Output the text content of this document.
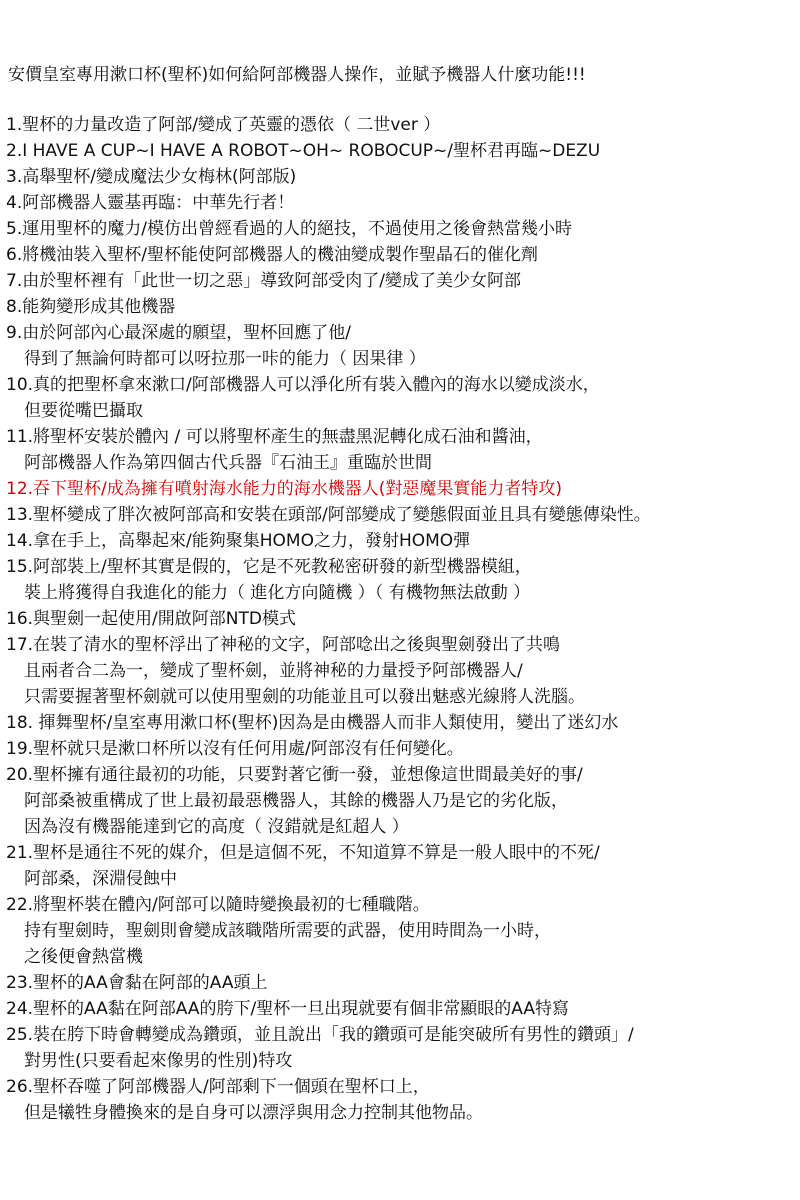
安價皇室專用漱口杯(聖杯)如何給阿部機器人操作，並賦予機器人什麼功能!!!
1.聖杯的力量改造了阿部/變成了英靈的憑依（ 二世ver ）
2.I HAVE A CUP~I HAVE A ROBOT~OH~ ROBOCUP~/聖杯君再臨~DEZU
3.高舉聖杯/變成魔法少女梅林(阿部版)
4.阿部機器人靈基再臨：中華先行者！
5.運用聖杯的魔力/模仿出曾經看過的人的絕技，不過使用之後會熱當幾小時
6.將機油裝入聖杯/聖杯能使阿部機器人的機油變成製作聖晶石的催化劑
7.由於聖杯裡有「此世一切之惡」導致阿部受肉了/變成了美少女阿部
8.能夠變形成其他機器
9.由於阿部內心最深處的願望，聖杯回應了他/
得到了無論何時都可以呀拉那一咔的能力（ 因果律 ）
10.真的把聖杯拿來漱口/阿部機器人可以淨化所有裝入體內的海水以變成淡水，
但要從嘴巴攝取
11.將聖杯安裝於體內 / 可以將聖杯產生的無盡黑泥轉化成石油和醬油，
阿部機器人作為第四個古代兵器『石油王』重臨於世間
12.吞下聖杯/成為擁有噴射海水能力的海水機器人(對惡魔果實能力者特攻)
13.聖杯變成了胖次被阿部高和安裝在頭部/阿部變成了變態假面並且具有變態傳染性。
14.拿在手上，高舉起來/能夠聚集HOMO之力，發射HOMO彈
15.阿部裝上/聖杯其實是假的，它是不死教秘密研發的新型機器模組，
裝上將獲得自我進化的能力（ 進化方向隨機 ）（ 有機物無法啟動 ）
16.與聖劍一起使用/開啟阿部NTD模式
17.在裝了清水的聖杯浮出了神秘的文字，阿部唸出之後與聖劍發出了共鳴
且兩者合二為一，變成了聖杯劍，並將神秘的力量授予阿部機器人/
只需要握著聖杯劍就可以使用聖劍的功能並且可以發出魅惑光線將人洗腦。
18. 揮舞聖杯/皇室專用漱口杯(聖杯)因為是由機器人而非人類使用，變出了迷幻水
19.聖杯就只是漱口杯所以沒有任何用處/阿部沒有任何變化。
20.聖杯擁有通往最初的功能，只要對著它衝一發，並想像這世間最美好的事/
阿部桑被重構成了世上最初最惡機器人，其餘的機器人乃是它的劣化版，
因為沒有機器能達到它的高度（ 沒錯就是紅超人 ）
21.聖杯是通往不死的媒介，但是這個不死，不知道算不算是一般人眼中的不死/
阿部桑，深淵侵蝕中
22.將聖杯裝在體內/阿部可以隨時變換最初的七種職階。
持有聖劍時，聖劍則會變成該職階所需要的武器，使用時間為一小時，
之後便會熱當機
23.聖杯的AA會黏在阿部的AA頭上
24.聖杯的AA黏在阿部AA的胯下/聖杯一旦出現就要有個非常顯眼的AA特寫
25.裝在胯下時會轉變成為鑽頭，並且說出「我的鑽頭可是能突破所有男性的鑽頭」/
對男性(只要看起來像男的性別)特攻
26.聖杯吞噬了阿部機器人/阿部剩下一個頭在聖杯口上，
但是犧牲身體換來的是自身可以漂浮與用念力控制其他物品。
